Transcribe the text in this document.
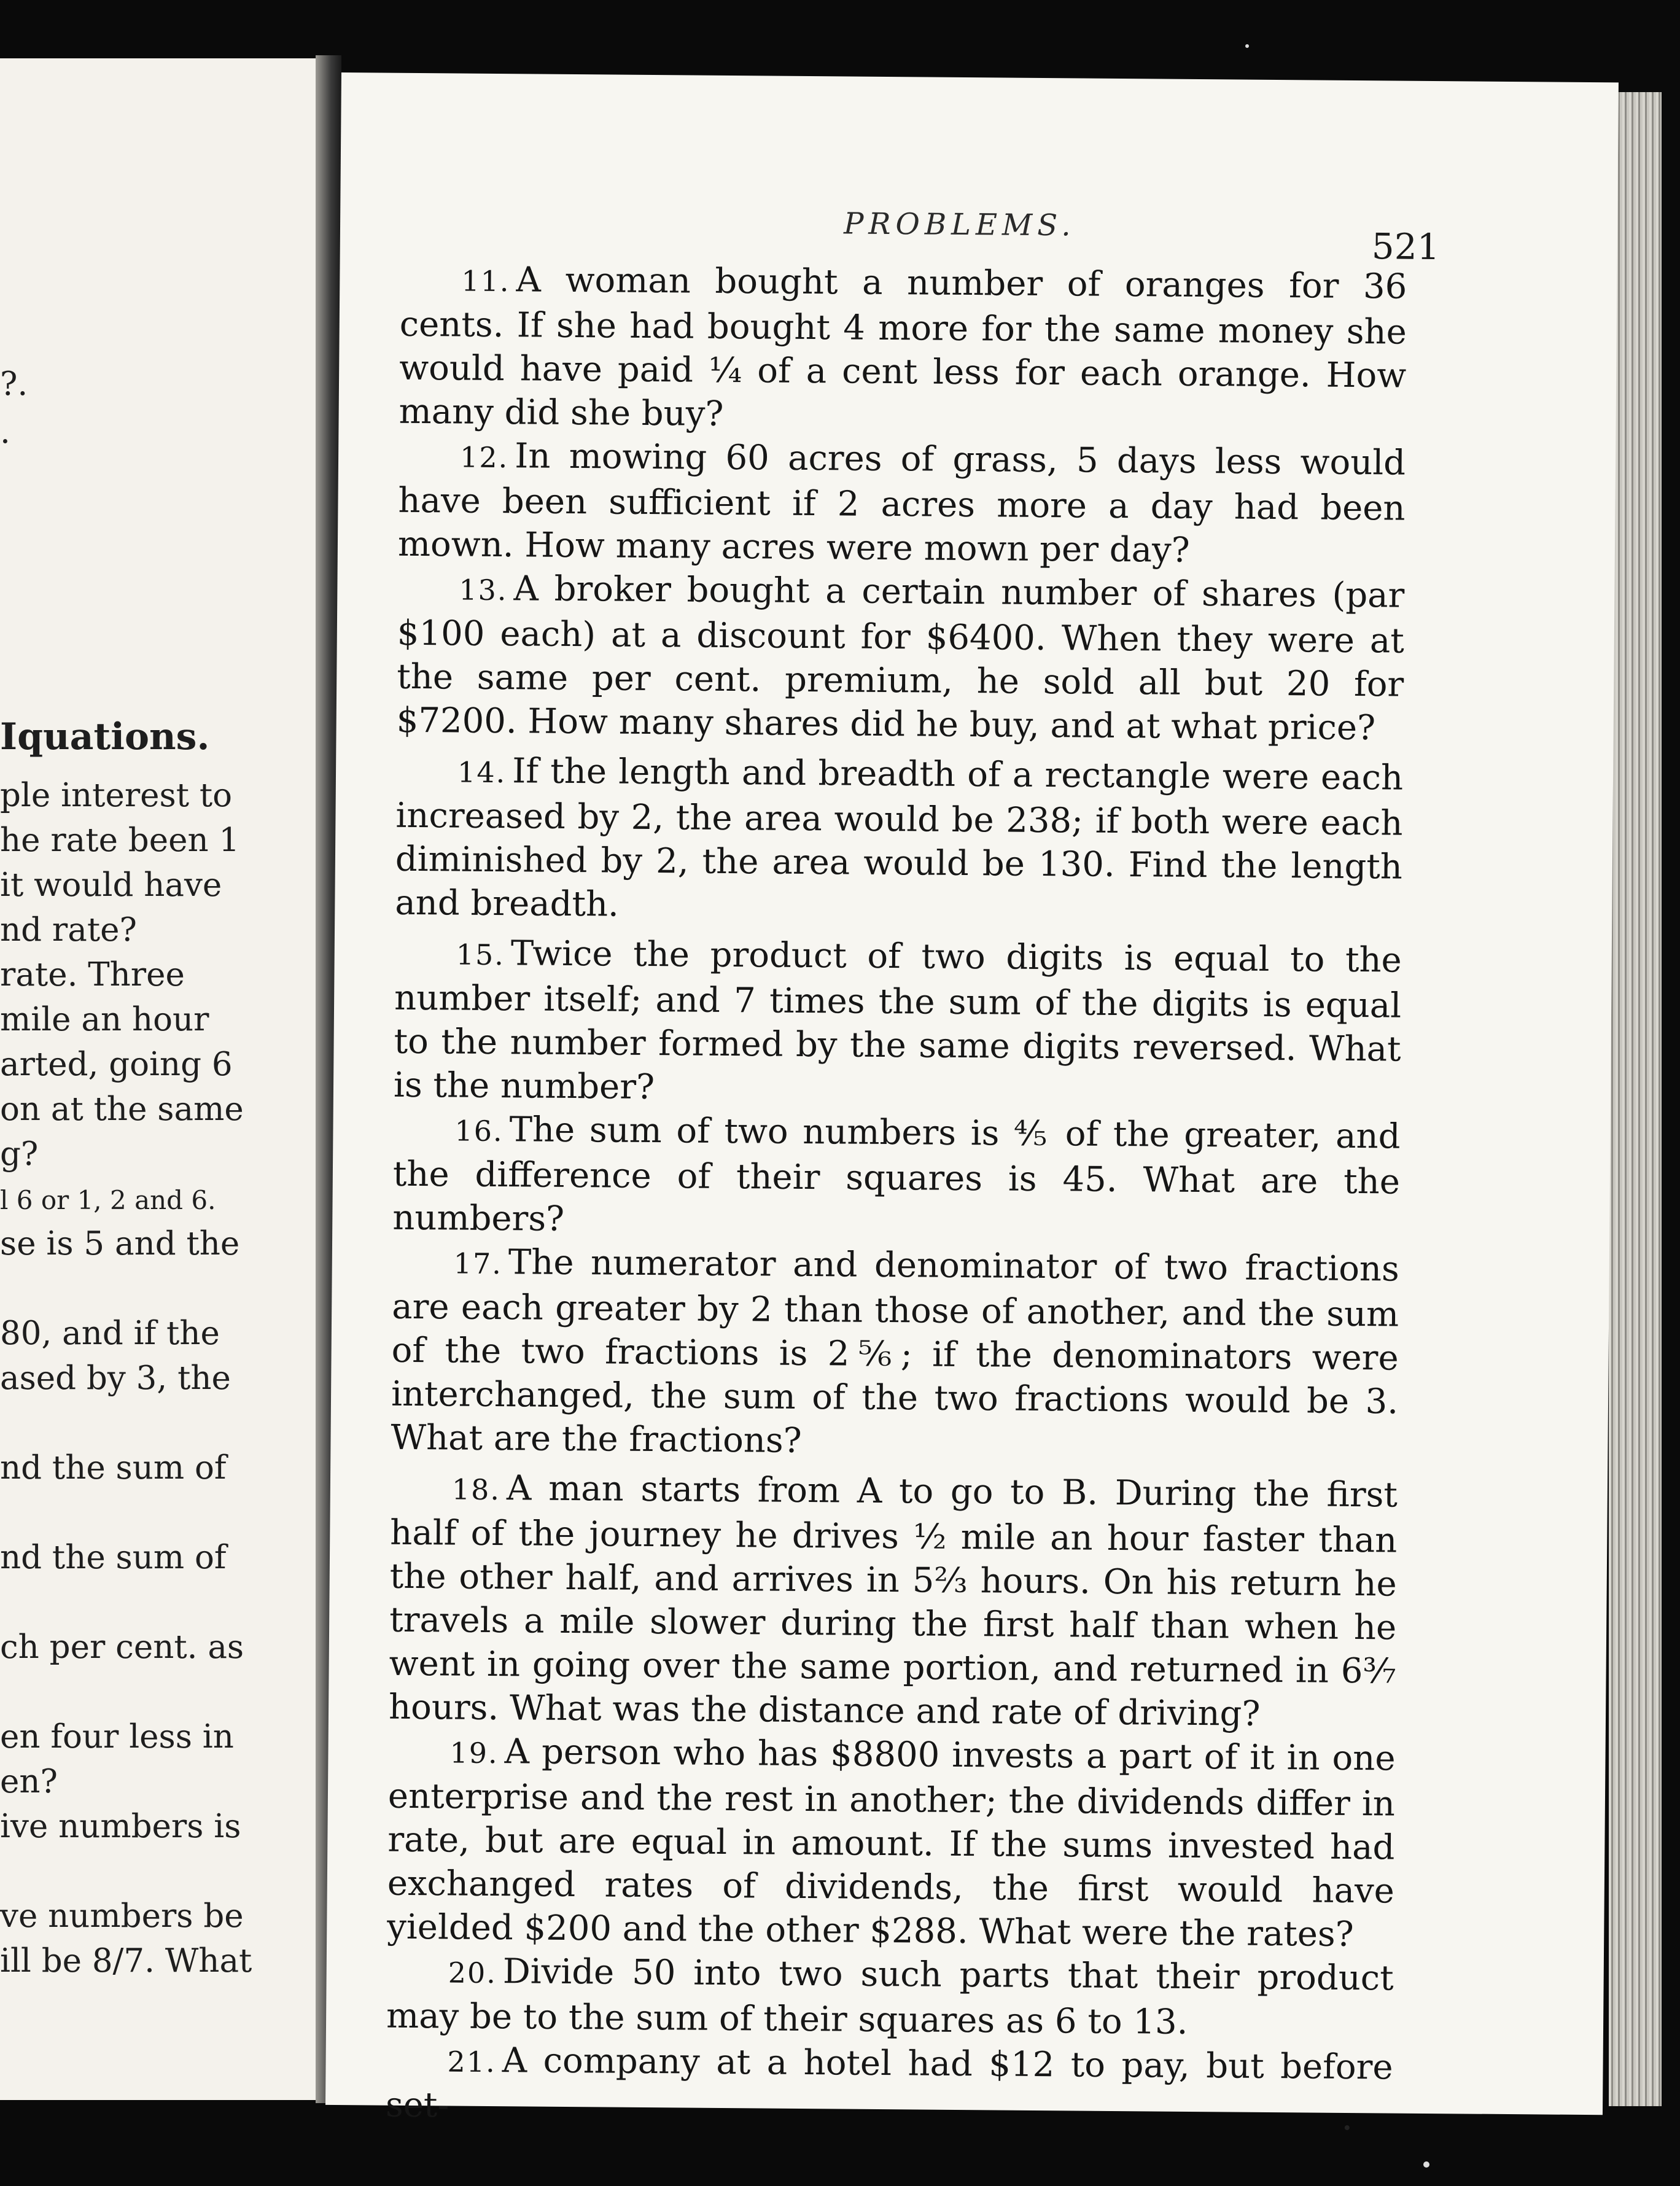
?.

.

Iquations.

ple interest to

he rate been 1

it would have

nd rate?

rate. Three

mile an hour

arted, going 6

on at the same

g?

l 6 or 1, 2 and 6.

se is 5 and the

80, and if the

ased by 3, the

nd the sum of

nd the sum of

ch per cent. as

en four less in

en?

ive numbers is

ve numbers be

ill be 8/7. What

PROBLEMS.
521

11. A woman bought a number of oranges for 36 cents. If she had bought 4 more for the same money she would have paid ¼ of a cent less for each orange. How many did she buy?

12. In mowing 60 acres of grass, 5 days less would have been sufficient if 2 acres more a day had been mown. How many acres were mown per day?

13. A broker bought a certain number of shares (par $100 each) at a discount for $6400. When they were at the same per cent. premium, he sold all but 20 for $7200. How many shares did he buy, and at what price?

14. If the length and breadth of a rectangle were each increased by 2, the area would be 238; if both were each diminished by 2, the area would be 130. Find the length and breadth.

15. Twice the product of two digits is equal to the number itself; and 7 times the sum of the digits is equal to the number formed by the same digits reversed. What is the number?

16. The sum of two numbers is ⅘ of the greater, and the difference of their squares is 45. What are the numbers?

17. The numerator and denominator of two fractions are each greater by 2 than those of another, and the sum of the two fractions is 2⅚; if the denominators were interchanged, the sum of the two fractions would be 3. What are the fractions?

18. A man starts from A to go to B. During the first half of the journey he drives ½ mile an hour faster than the other half, and arrives in 5⅔ hours. On his return he travels a mile slower during the first half than when he went in going over the same portion, and returned in 6³⁄₇ hours. What was the distance and rate of driving?

19. A person who has $8800 invests a part of it in one enterprise and the rest in another; the dividends differ in rate, but are equal in amount. If the sums invested had exchanged rates of dividends, the first would have yielded $200 and the other $288. What were the rates?

20. Divide 50 into two such parts that their product may be to the sum of their squares as 6 to 13.

21. A company at a hotel had $12 to pay, but before set-
